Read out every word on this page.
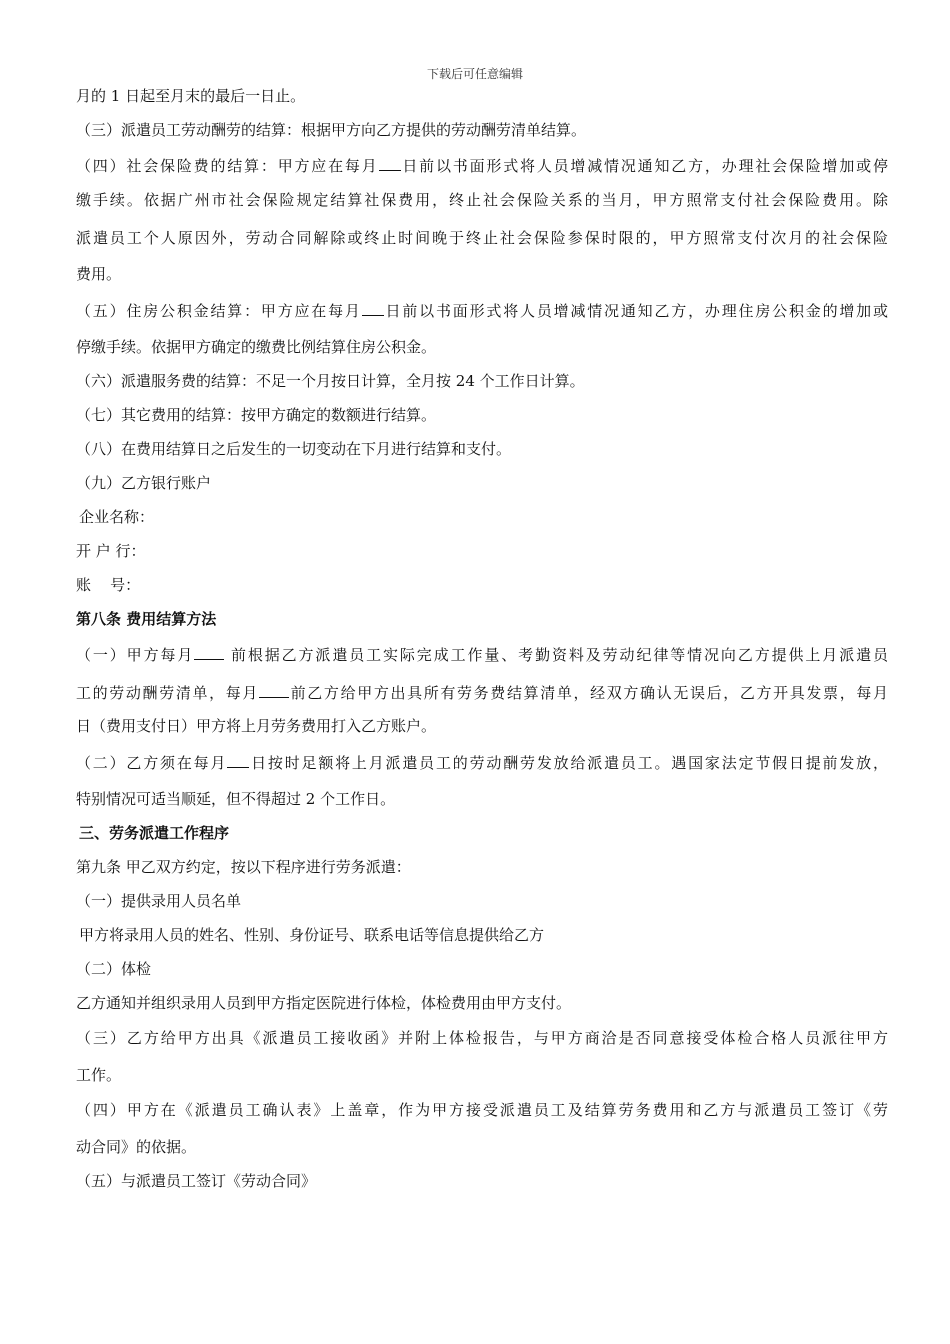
下载后可任意编辑
月的 1 日起至月末的最后一日止。
（三）派遣员工劳动酬劳的结算：根据甲方向乙方提供的劳动酬劳清单结算。
（四）社会保险费的结算：甲方应在每月 日前以书面形式将人员增减情况通知乙方，办理社会保险增加或停
缴手续。依据广州市社会保险规定结算社保费用，终止社会保险关系的当月，甲方照常支付社会保险费用。除
派遣员工个人原因外，劳动合同解除或终止时间晚于终止社会保险参保时限的，甲方照常支付次月的社会保险
费用。
（五）住房公积金结算：甲方应在每月 日前以书面形式将人员增减情况通知乙方，办理住房公积金的增加或
停缴手续。依据甲方确定的缴费比例结算住房公积金。
（六）派遣服务费的结算：不足一个月按日计算，全月按 24 个工作日计算。
（七）其它费用的结算：按甲方确定的数额进行结算。
（八）在费用结算日之后发生的一切变动在下月进行结算和支付。
（九）乙方银行账户
企业名称：
开 户 行：
账    号：
第八条 费用结算方法
（一）甲方每月 前根据乙方派遣员工实际完成工作量、考勤资料及劳动纪律等情况向乙方提供上月派遣员
工的劳动酬劳清单，每月 前乙方给甲方出具所有劳务费结算清单，经双方确认无误后，乙方开具发票，每月
日（费用支付日）甲方将上月劳务费用打入乙方账户。
（二）乙方须在每月 日按时足额将上月派遣员工的劳动酬劳发放给派遣员工。遇国家法定节假日提前发放，
特别情况可适当顺延，但不得超过 2 个工作日。
三、劳务派遣工作程序
第九条 甲乙双方约定，按以下程序进行劳务派遣：
（一）提供录用人员名单
甲方将录用人员的姓名、性别、身份证号、联系电话等信息提供给乙方
（二）体检
乙方通知并组织录用人员到甲方指定医院进行体检，体检费用由甲方支付。
（三）乙方给甲方出具《派遣员工接收函》并附上体检报告，与甲方商洽是否同意接受体检合格人员派往甲方
工作。
（四）甲方在《派遣员工确认表》上盖章，作为甲方接受派遣员工及结算劳务费用和乙方与派遣员工签订《劳
动合同》的依据。
（五）与派遣员工签订《劳动合同》
